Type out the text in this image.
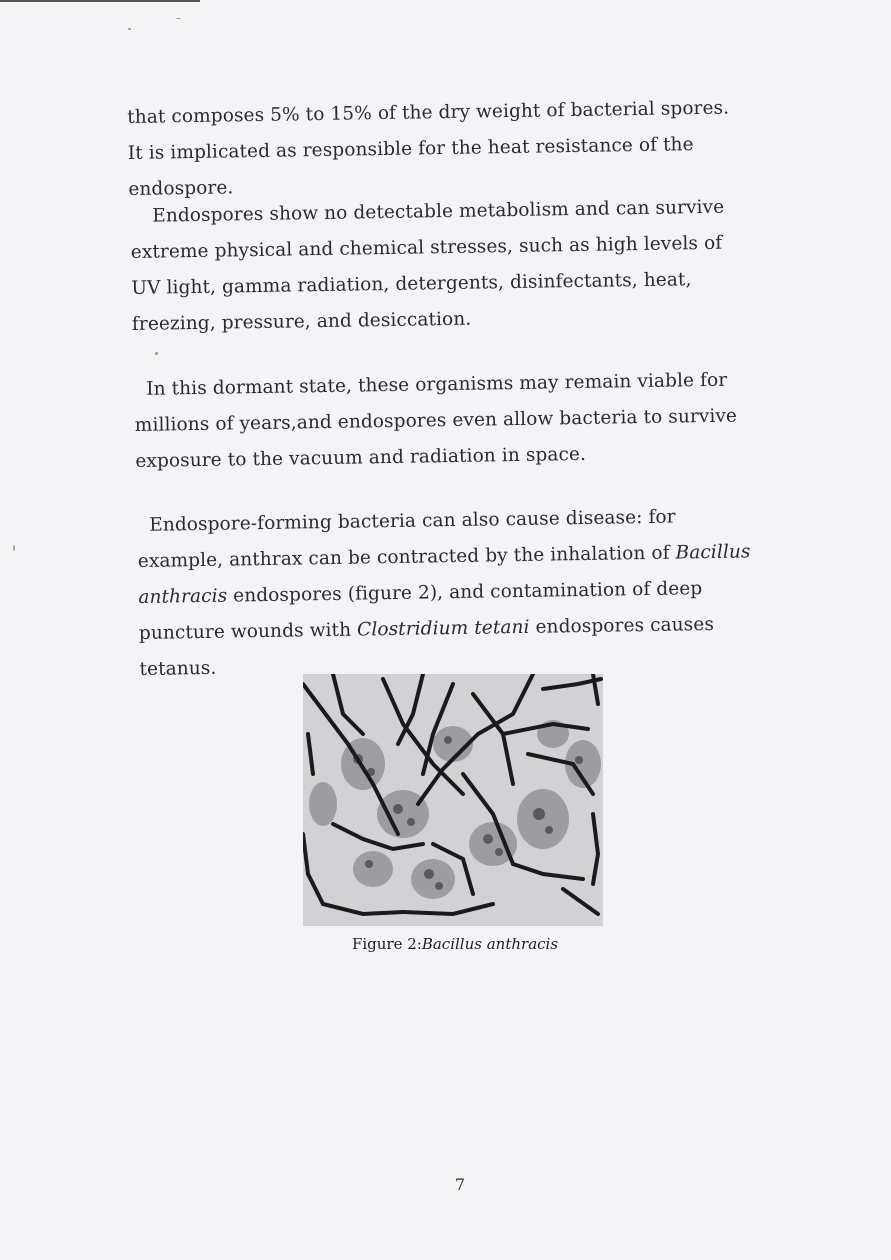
that composes 5% to 15% of the dry weight of bacterial spores. It is implicated as responsible for the heat resistance of the endospore.

Endospores show no detectable metabolism and can survive extreme physical and chemical stresses, such as high levels of UV light, gamma radiation, detergents, disinfectants, heat, freezing, pressure, and desiccation.

In this dormant state, these organisms may remain viable for millions of years,and endospores even allow bacteria to survive exposure to the vacuum and radiation in space.

Endospore-forming bacteria can also cause disease: for example, anthrax can be contracted by the inhalation of Bacillus anthracis endospores (figure 2), and contamination of deep puncture wounds with Clostridium tetani endospores causes tetanus.

Figure 2:Bacillus anthracis
7
